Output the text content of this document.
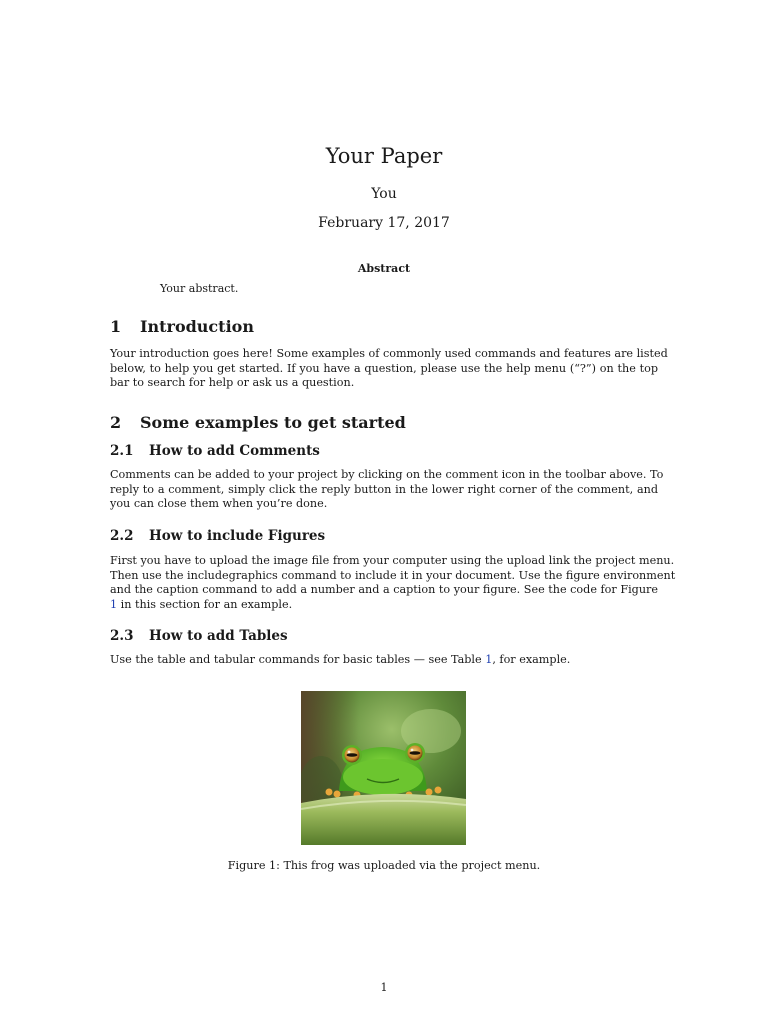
Your Paper
You
February 17, 2017
Abstract
Your abstract.
1 Introduction
Your introduction goes here! Some examples of commonly used commands and features are listed
below, to help you get started. If you have a question, please use the help menu (“?”) on the top
bar to search for help or ask us a question.
2 Some examples to get started
2.1 How to add Comments
Comments can be added to your project by clicking on the comment icon in the toolbar above. To
reply to a comment, simply click the reply button in the lower right corner of the comment, and
you can close them when you’re done.
2.2 How to include Figures
First you have to upload the image file from your computer using the upload link the project menu.
Then use the includegraphics command to include it in your document. Use the figure environment
and the caption command to add a number and a caption to your figure. See the code for Figure
1 in this section for an example.
2.3 How to add Tables
Use the table and tabular commands for basic tables — see Table 1, for example.
Figure 1: This frog was uploaded via the project menu.
1
